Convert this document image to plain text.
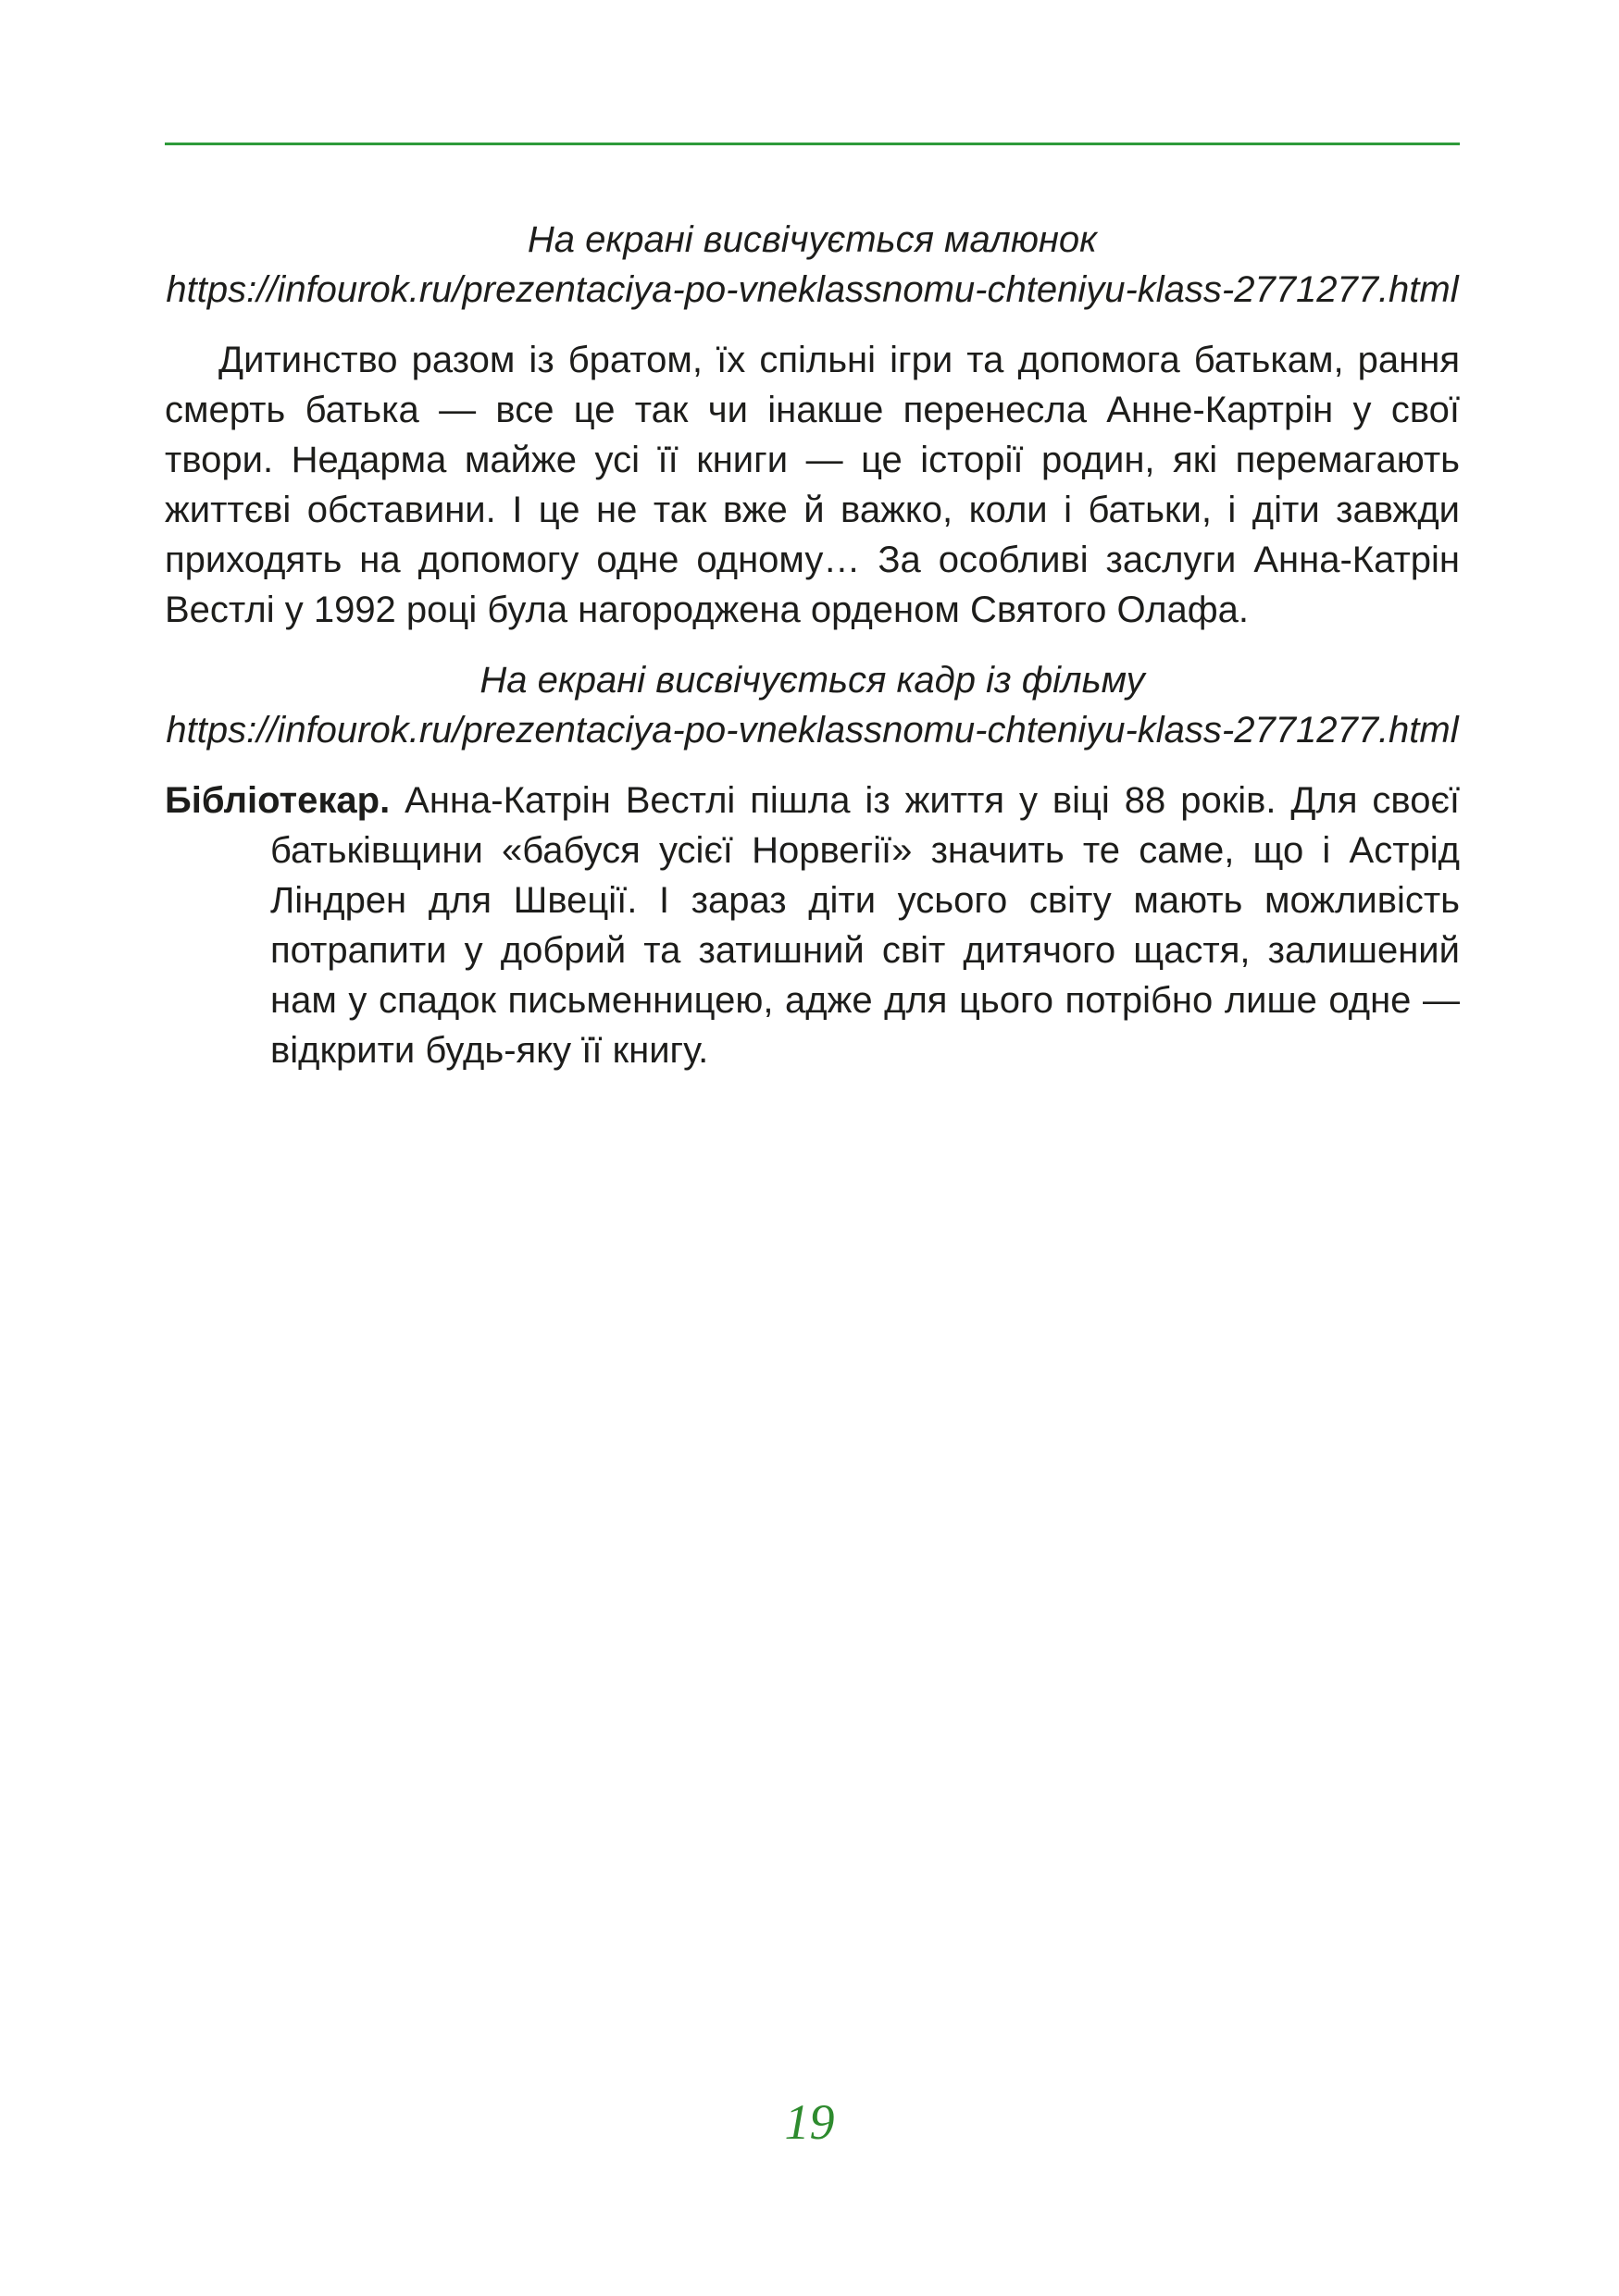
На екрані висвічується малюнок

https://infourok.ru/prezentaciya-po-vneklassnomu-chteniyu-klass-2771277.html

Дитинство разом із братом, їх спільні ігри та допомога батькам, рання смерть батька — все це так чи інакше перенесла Анне-Картрін у свої твори. Недарма майже усі її книги — це історії родин, які перемагають життєві обставини. І це не так вже й важко, коли і батьки, і діти завжди приходять на допомогу одне одному… За особливі заслуги Анна-Катрін Вестлі у 1992 році була нагороджена орденом Святого Олафа.

На екрані висвічується кадр із фільму

https://infourok.ru/prezentaciya-po-vneklassnomu-chteniyu-klass-2771277.html

Бібліотекар. Анна-Катрін Вестлі пішла із життя у віці 88 років. Для своєї батьківщини «бабуся усієї Норвегії» значить те саме, що і Астрід Ліндрен для Швеції. І зараз діти усього світу мають можливість потрапити у добрий та затишний світ дитячого щастя, залишений нам у спадок письменницею, адже для цього потрібно лише одне — відкрити будь-яку її книгу.

19
